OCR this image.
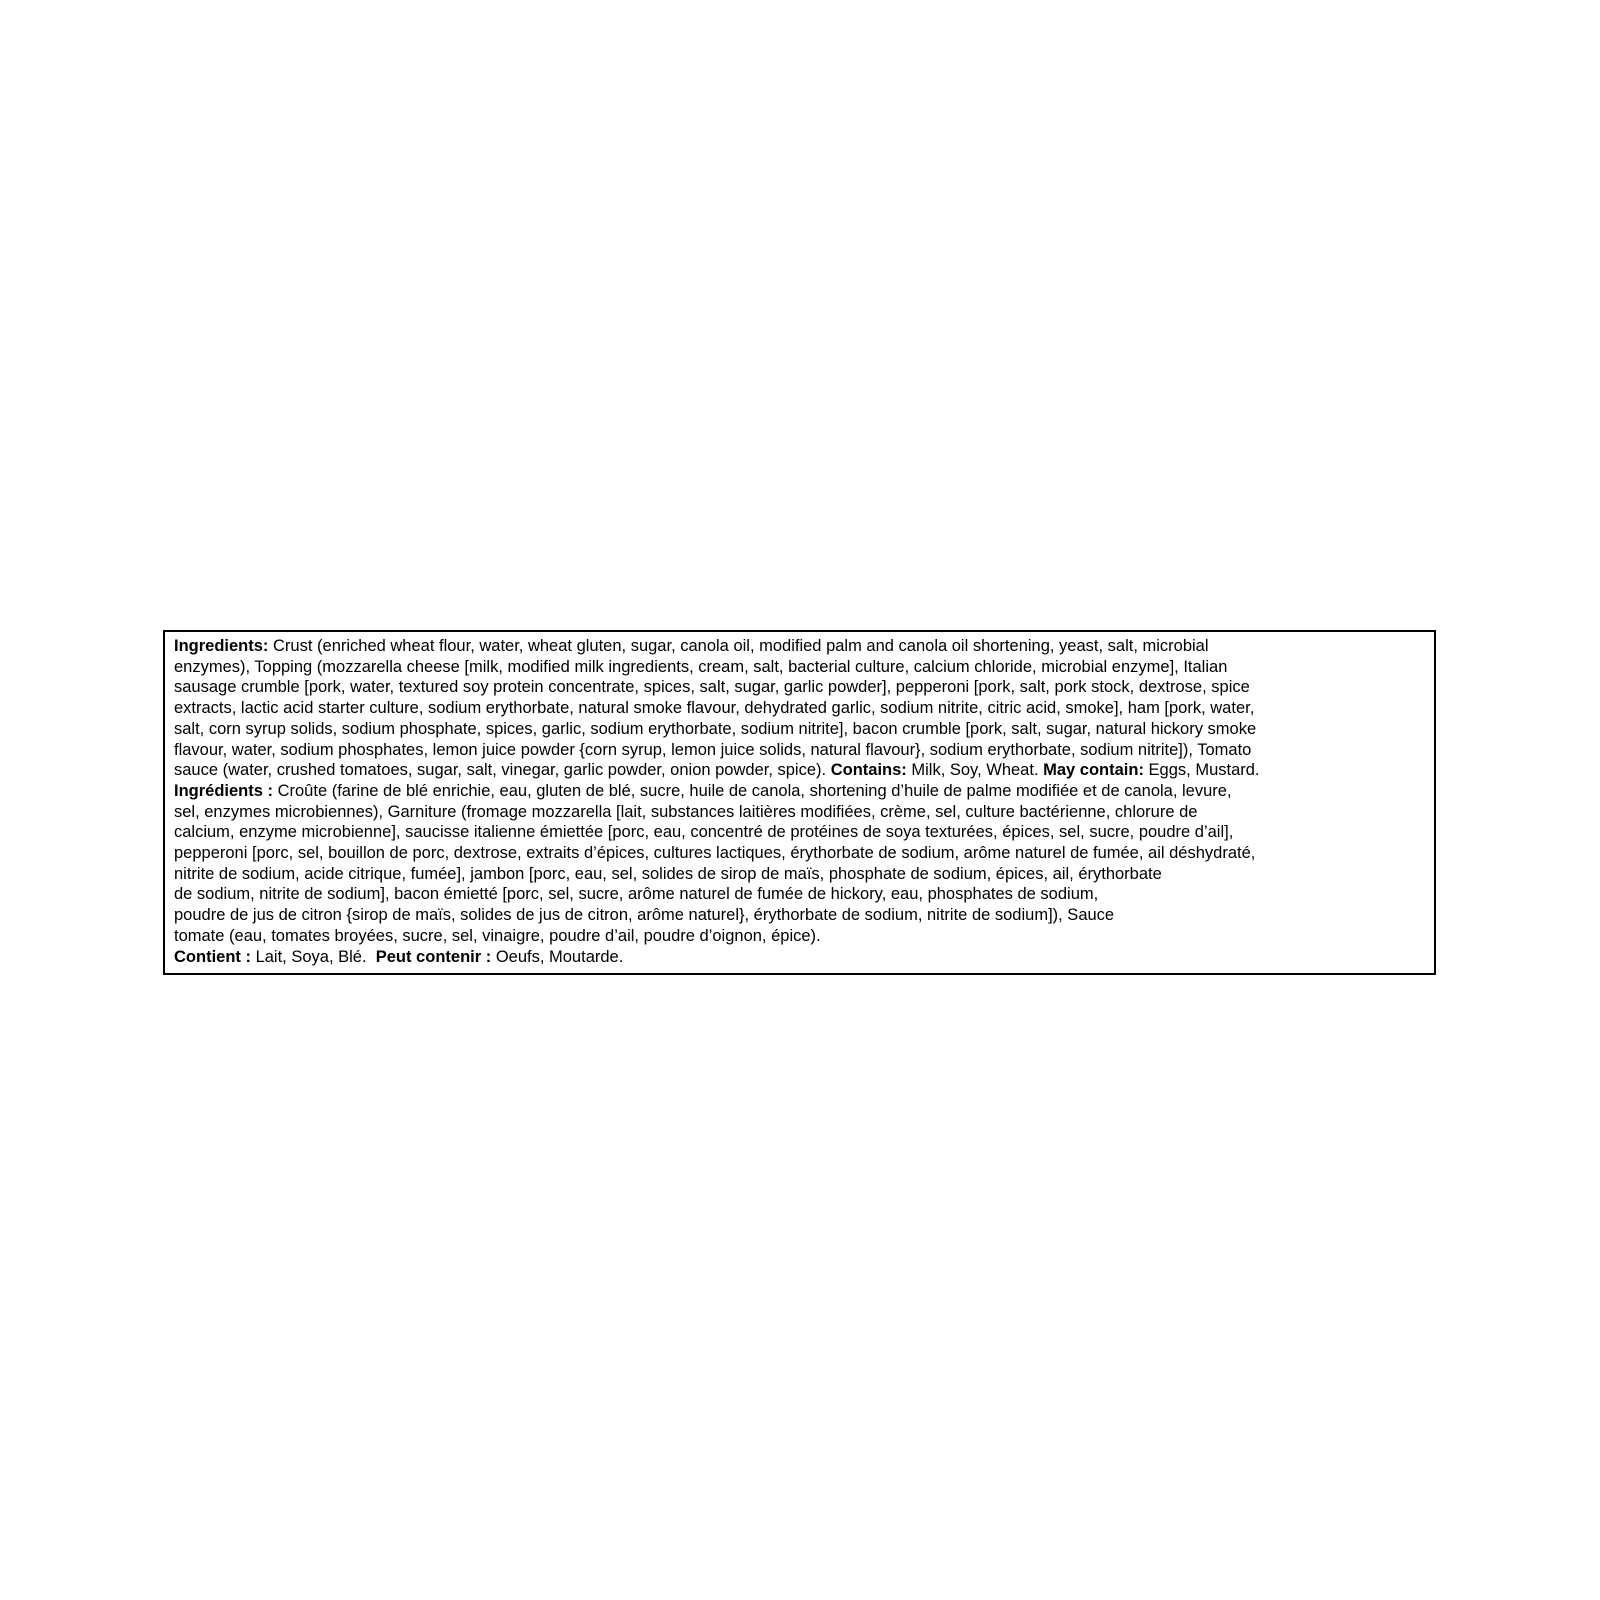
Ingredients: Crust (enriched wheat flour, water, wheat gluten, sugar, canola oil, modified palm and canola oil shortening, yeast, salt, microbial
enzymes), Topping (mozzarella cheese [milk, modified milk ingredients, cream, salt, bacterial culture, calcium chloride, microbial enzyme], Italian
sausage crumble [pork, water, textured soy protein concentrate, spices, salt, sugar, garlic powder], pepperoni [pork, salt, pork stock, dextrose, spice
extracts, lactic acid starter culture, sodium erythorbate, natural smoke flavour, dehydrated garlic, sodium nitrite, citric acid, smoke], ham [pork, water,
salt, corn syrup solids, sodium phosphate, spices, garlic, sodium erythorbate, sodium nitrite], bacon crumble [pork, salt, sugar, natural hickory smoke
flavour, water, sodium phosphates, lemon juice powder {corn syrup, lemon juice solids, natural flavour}, sodium erythorbate, sodium nitrite]), Tomato
sauce (water, crushed tomatoes, sugar, salt, vinegar, garlic powder, onion powder, spice). Contains: Milk, Soy, Wheat. May contain: Eggs, Mustard.
Ingrédients : Croûte (farine de blé enrichie, eau, gluten de blé, sucre, huile de canola, shortening d’huile de palme modifiée et de canola, levure,
sel, enzymes microbiennes), Garniture (fromage mozzarella [lait, substances laitières modifiées, crème, sel, culture bactérienne, chlorure de
calcium, enzyme microbienne], saucisse italienne émiettée [porc, eau, concentré de protéines de soya texturées, épices, sel, sucre, poudre d’ail],
pepperoni [porc, sel, bouillon de porc, dextrose, extraits d’épices, cultures lactiques, érythorbate de sodium, arôme naturel de fumée, ail déshydraté,
nitrite de sodium, acide citrique, fumée], jambon [porc, eau, sel, solides de sirop de maïs, phosphate de sodium, épices, ail, érythorbate
de sodium, nitrite de sodium], bacon émietté [porc, sel, sucre, arôme naturel de fumée de hickory, eau, phosphates de sodium,
poudre de jus de citron {sirop de maïs, solides de jus de citron, arôme naturel}, érythorbate de sodium, nitrite de sodium]), Sauce
tomate (eau, tomates broyées, sucre, sel, vinaigre, poudre d’ail, poudre d’oignon, épice).
Contient : Lait, Soya, Blé.  Peut contenir : Oeufs, Moutarde.
